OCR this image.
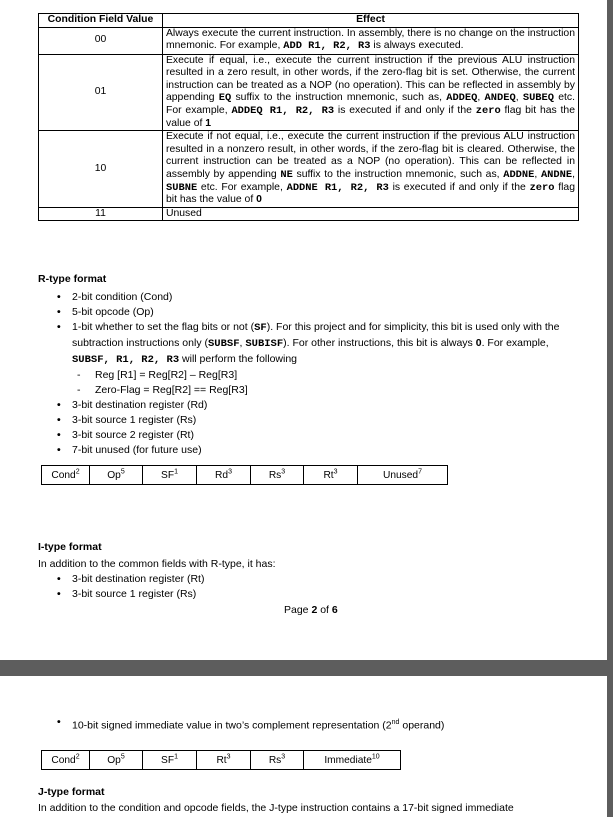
Condition Field Value	Effect
00	Always execute the current instruction. In assembly, there is no change on the instruction mnemonic. For example, ADD R1, R2, R3 is always executed.
01	Execute if equal, i.e., execute the current instruction if the previous ALU instruction resulted in a zero result, in other words, if the zero-flag bit is set. Otherwise, the current instruction can be treated as a NOP (no operation). This can be reflected in assembly by appending EQ suffix to the instruction mnemonic, such as, ADDEQ, ANDEQ, SUBEQ etc. For example, ADDEQ R1, R2, R3 is executed if and only if the zero flag bit has the value of 1
10	Execute if not equal, i.e., execute the current instruction if the previous ALU instruction resulted in a nonzero result, in other words, if the zero-flag bit is cleared. Otherwise, the current instruction can be treated as a NOP (no operation). This can be reflected in assembly by appending NE suffix to the instruction mnemonic, such as, ADDNE, ANDNE, SUBNE etc. For example, ADDNE R1, R2, R3 is executed if and only if the zero flag bit has the value of 0
11	Unused
R-type format
• 2-bit condition (Cond)
• 5-bit opcode (Op)
• 1-bit whether to set the flag bits or not (SF). For this project and for simplicity, this bit is used only with the subtraction instructions only (SUBSF, SUBISF). For other instructions, this bit is always 0. For example, SUBSF, R1, R2, R3 will perform the following
- Reg [R1] = Reg[R2] – Reg[R3]
- Zero-Flag = Reg[R2] == Reg[R3]
• 3-bit destination register (Rd)
• 3-bit source 1 register (Rs)
• 3-bit source 2 register (Rt)
• 7-bit unused (for future use)
Cond$^2$	Op$^5$	$SF^1$	Rd$^3$	Rs$^3$	Rt$^3$	Unused$^7$
I-type format
In addition to the common fields with R-type, it has:
• 3-bit destination register (Rt)
• 3-bit source 1 register (Rs)
Page 2 of 6
• 10-bit signed immediate value in two’s complement representation (2nd operand)
Cond$^2$	Op$^5$	$SF^1$	Rt$^3$	Rs$^3$	Immediate$^{10}$
J-type format
In addition to the condition and opcode fields, the J-type instruction contains a 17-bit signed immediate
